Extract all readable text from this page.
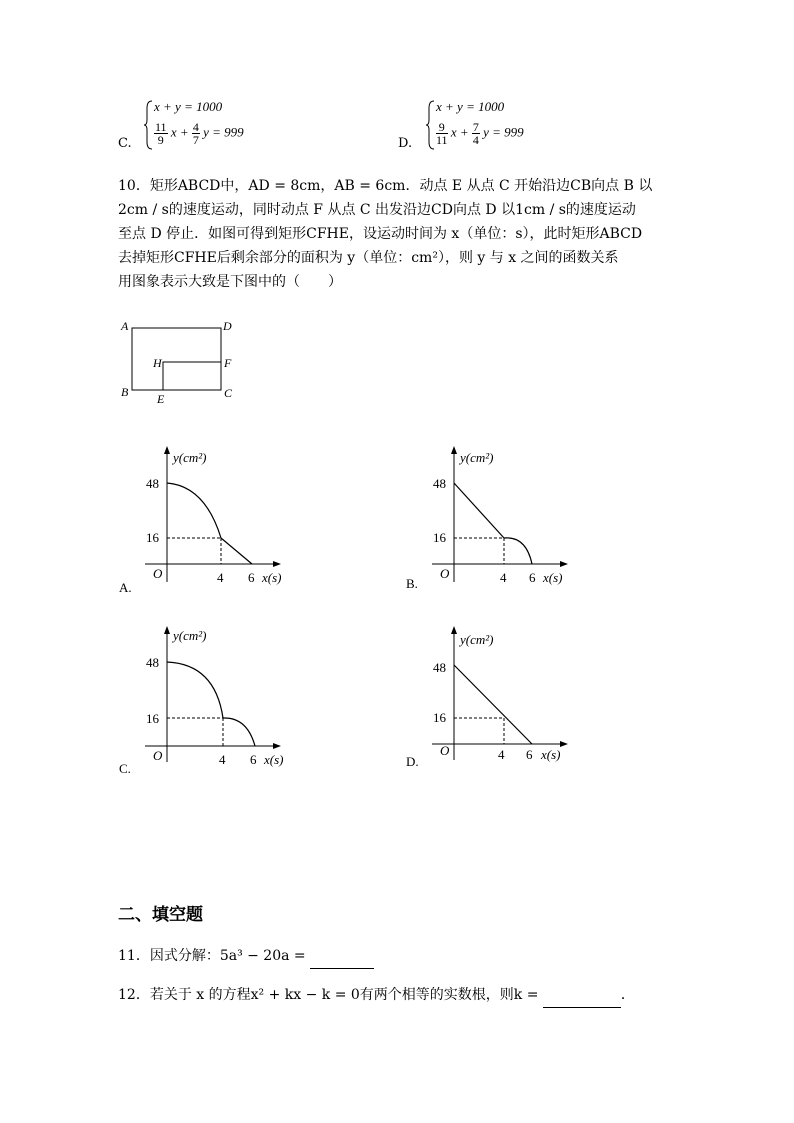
C.
x + y = 1000
$\frac{11}{9}$ $x + \frac{4}{7}$ y = 999
D.
x + y = 1000
$\frac{9}{11}$ $x + \frac{7}{4}$ y = 999
10．矩形ABCD中，AD = 8cm，AB = 6cm．动点 E 从点 C 开始沿边CB向点 B 以
2cm / s的速度运动，同时动点 F 从点 C 出发沿边CD向点 D 以1cm / s的速度运动
至点 D 停止．如图可得到矩形CFHE，设运动时间为 x（单位：s），此时矩形ABCD
去掉矩形CFHE后剩余部分的面积为 y（单位：cm²），则 y 与 x 之间的函数关系
用图象表示大致是下图中的（　　）
A	D
B	C
H	F
E
y(cm²)
48
16
O	4 6 x(s)
A.
y(cm²)
48
16
O	4 6 x(s)
B.
y(cm²)
48
16
O	4 6 x(s)
C.
y(cm²)
48
16
O	4 6 x(s)
D.
二、填空题
11．因式分解：5a³ − 20a =
12．若关于 x 的方程x² + kx − k = 0有两个相等的实数根，则k =	．
